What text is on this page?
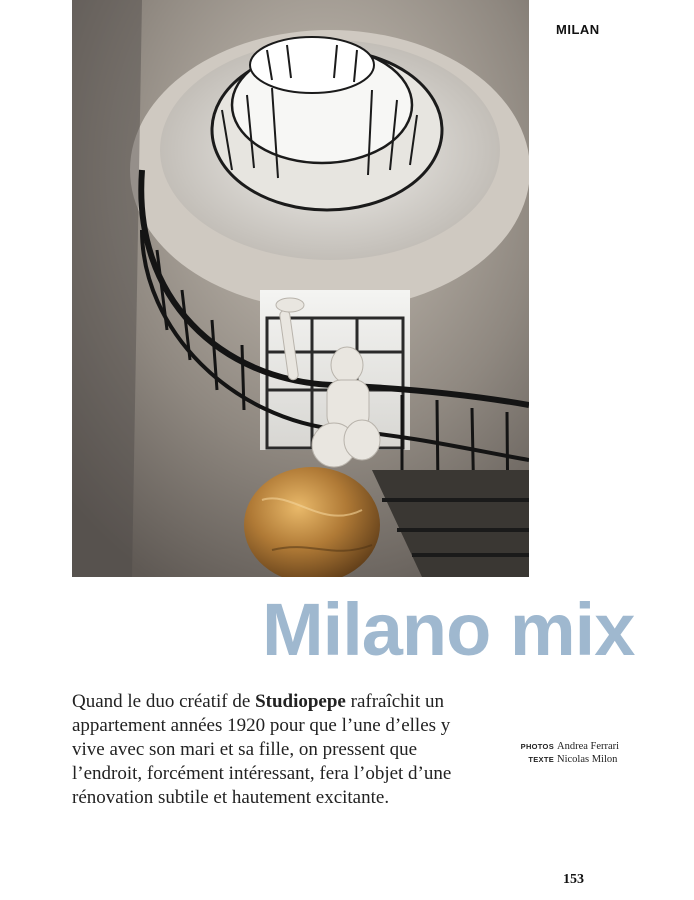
MILAN
Milano mix

Quand le duo créatif de Studiopepe rafraîchit un appartement années 1920 pour que l’une d’elles y vive avec son mari et sa fille, on pressent que l’endroit, forcément intéressant, fera l’objet d’une rénovation subtile et hautement excitante.

PHOTOS Andrea Ferrari
TEXTE Nicolas Milon
153
